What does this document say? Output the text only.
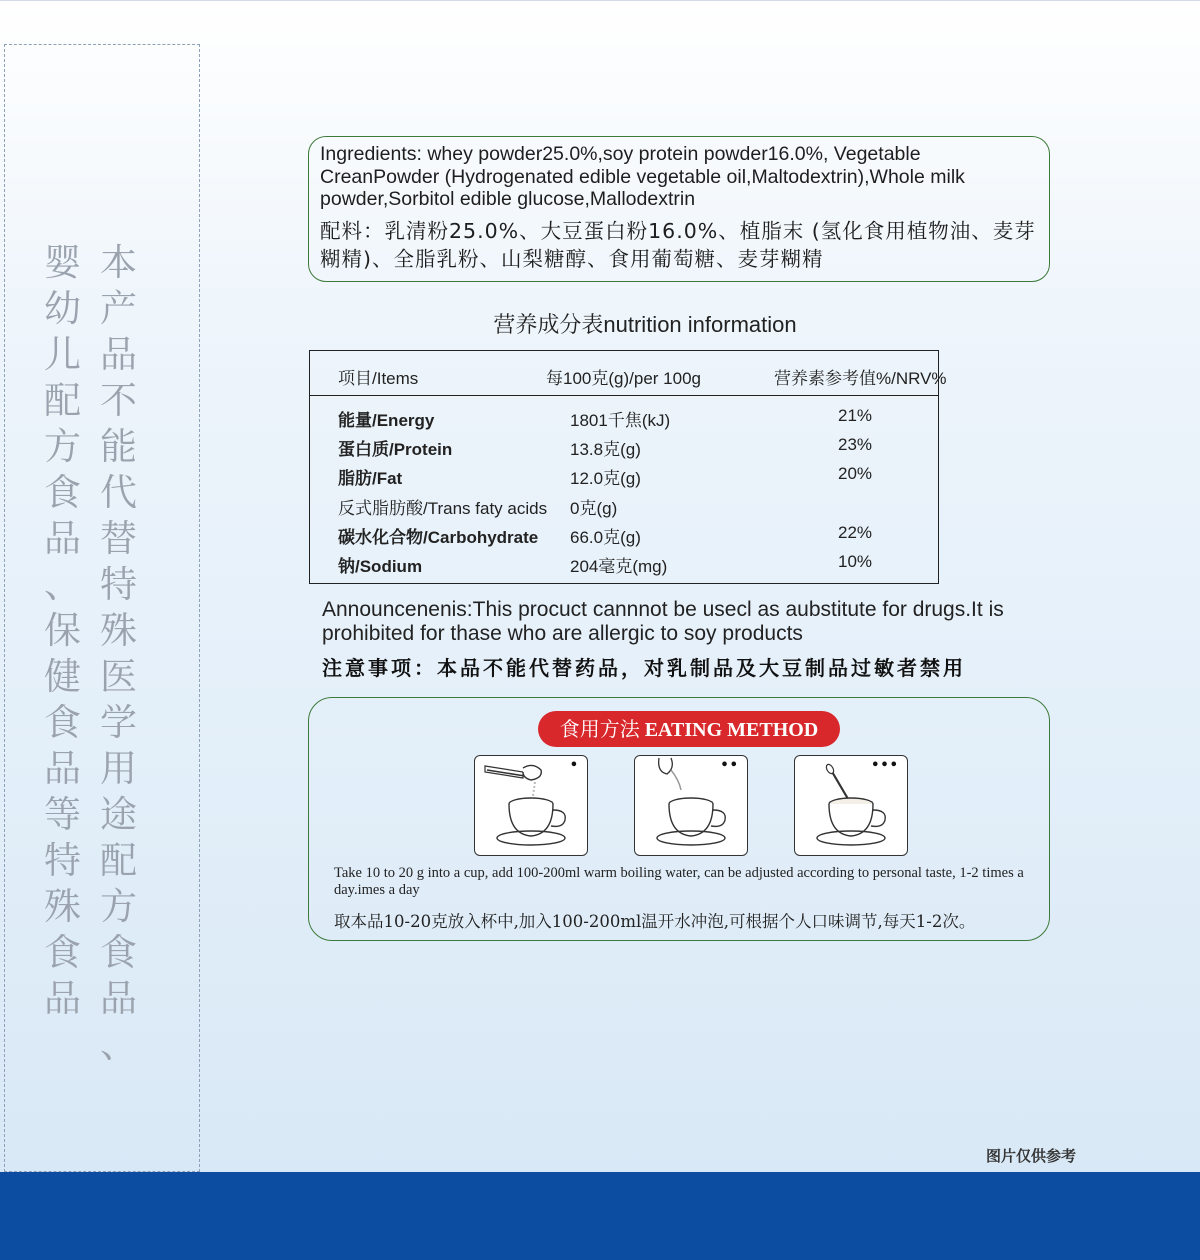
本
产
品
不
能
代
替
特
殊
医
学
用
途
配
方
食
品
、
婴
幼
儿
配
方
食
品
、
保
健
食
品
等
特
殊
食
品
Ingredients: whey powder25.0%,soy protein powder16.0%, Vegetable CreanPowder (Hydrogenated edible vegetable oil,Maltodextrin),Whole milk powder,Sorbitol edible glucose,Mallodextrin
配料：乳清粉25.0%、大豆蛋白粉16.0%、植脂末 (氢化食用植物油、麦芽糊精)、全脂乳粉、山梨糖醇、食用葡萄糖、麦芽糊精
营养成分表nutrition information
项目/Items	每100克(g)/per 100g	营养素参考值%/NRV%
能量/Energy	1801千焦(kJ)	21%
蛋白质/Protein	13.8克(g)	23%
脂肪/Fat	12.0克(g)	20%
反式脂肪酸/Trans faty acids 0克(g)
碳水化合物/Carbohydrate 66.0克(g)	22%
钠/Sodium	204毫克(mg)	10%
Announcenenis:This procuct cannnot be usecl as aubstitute for drugs.It is prohibited for thase who are allergic to soy products
注意事项：本品不能代替药品，对乳制品及大豆制品过敏者禁用
食用方法 EATING METHOD
•	••	•••
Take 10 to 20 g into a cup, add 100-200ml warm boiling water, can be adjusted according to personal taste, 1-2 times a day.imes a day
取本品10-20克放入杯中,加入100-200ml温开水冲泡,可根据个人口味调节,每天1-2次。
图片仅供参考
